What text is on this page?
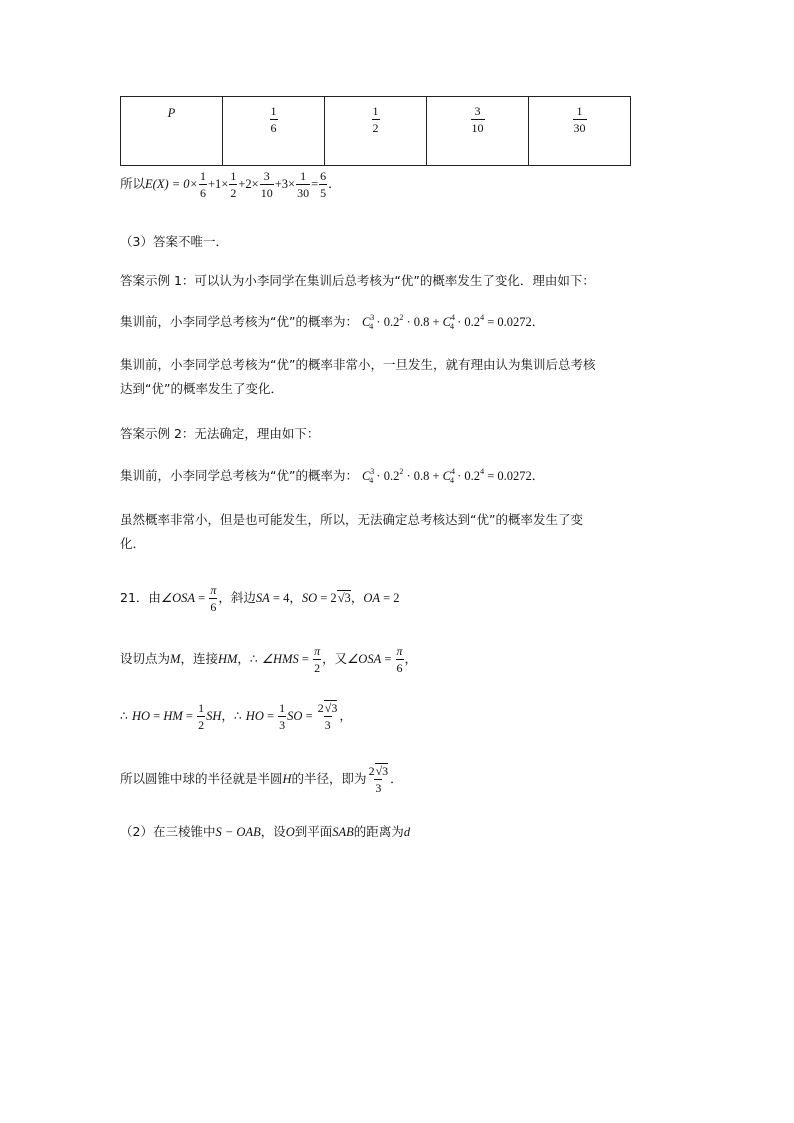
P	$\frac{1}{6}$	$\frac{1}{2}$	$\frac{3}{10}$	$\frac{1}{30}$
所以$E(X) = 0\times \frac{1}{6} +1\times \frac{1}{2} +2\times \frac{3}{10} +3\times \frac{1}{30} = \frac{6}{5}$ ．
（3）答案不唯一．
答案示例 1：可以认为小李同学在集训后总考核为“优”的概率发生了变化．理由如下：
集训前，小李同学总考核为“优”的概率为： $C^3_4 \cdot 0.2^2 \cdot 0.8 + C^4_4 \cdot 0.2^4 = 0.0272$．
集训前，小李同学总考核为“优”的概率非常小，一旦发生，就有理由认为集训后总考核
达到“优”的概率发生了变化．
答案示例 2：无法确定，理由如下：
集训前，小李同学总考核为“优”的概率为： $C^3_4 \cdot 0.2^2 \cdot 0.8 + C^4_4 \cdot 0.2^4 = 0.0272$．
虽然概率非常小，但是也可能发生，所以，无法确定总考核达到“优”的概率发生了变
化．
21．由∠OSA = $\frac{\pi}{6}$ ，斜边SA = 4，SO = 2√3，OA = 2
设切点为M，连接HM，∴ ∠HMS = $\frac{\pi}{2}$ ，又∠OSA = $\frac{\pi}{6}$ ，
∴ HO = HM = $\frac{1}{2}$ SH，∴ HO = $\frac{1}{3}$ SO = $\frac{2√3}{3}$ ，
所以圆锥中球的半径就是半圆H的半径，即为 $\frac{2√3}{3}$ ．
（2）在三棱锥中S − OAB，设O到平面SAB的距离为d
